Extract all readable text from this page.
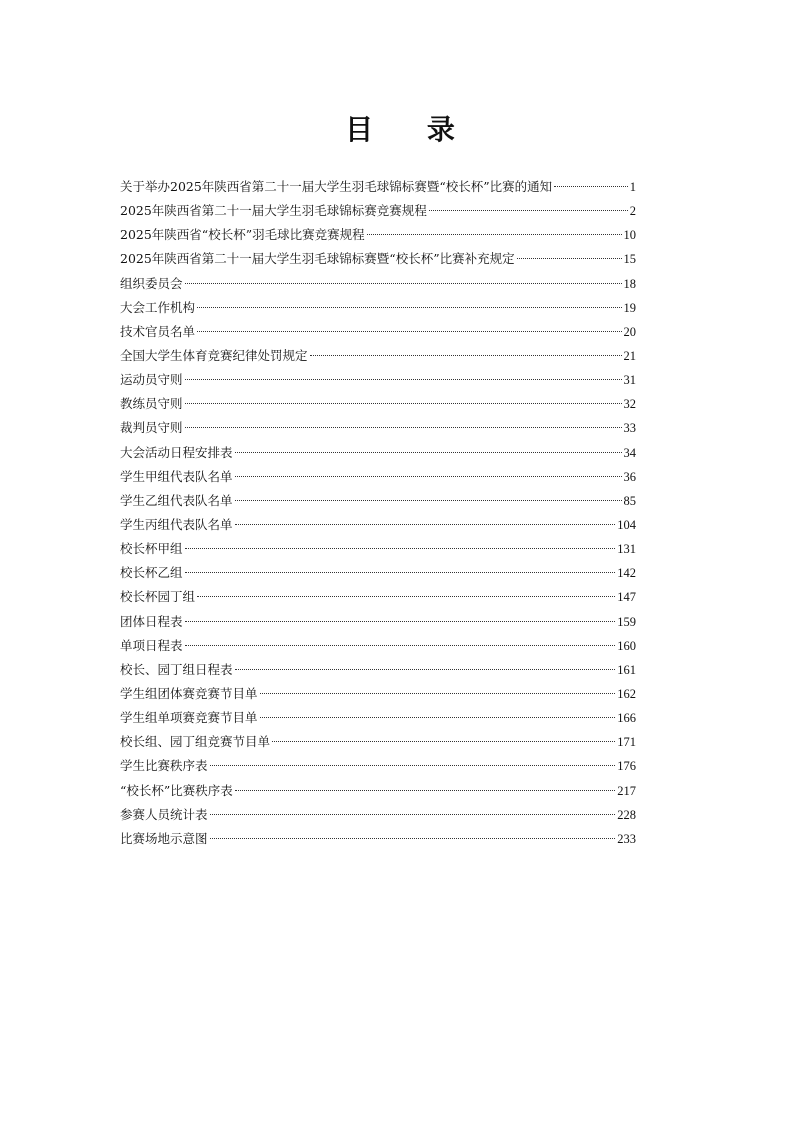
目 录
关于举办2025年陕西省第二十一届大学生羽毛球锦标赛暨“校长杯”比赛的通知	1
2025年陕西省第二十一届大学生羽毛球锦标赛竞赛规程	2
2025年陕西省“校长杯”羽毛球比赛竞赛规程	10
2025年陕西省第二十一届大学生羽毛球锦标赛暨“校长杯”比赛补充规定	15
组织委员会	18
大会工作机构	19
技术官员名单	20
全国大学生体育竞赛纪律处罚规定	21
运动员守则	31
教练员守则	32
裁判员守则	33
大会活动日程安排表	34
学生甲组代表队名单	36
学生乙组代表队名单	85
学生丙组代表队名单	104
校长杯甲组	131
校长杯乙组	142
校长杯园丁组	147
团体日程表	159
单项日程表	160
校长、园丁组日程表	161
学生组团体赛竞赛节目单	162
学生组单项赛竞赛节目单	166
校长组、园丁组竞赛节目单	171
学生比赛秩序表	176
“校长杯”比赛秩序表	217
参赛人员统计表	228
比赛场地示意图	233
